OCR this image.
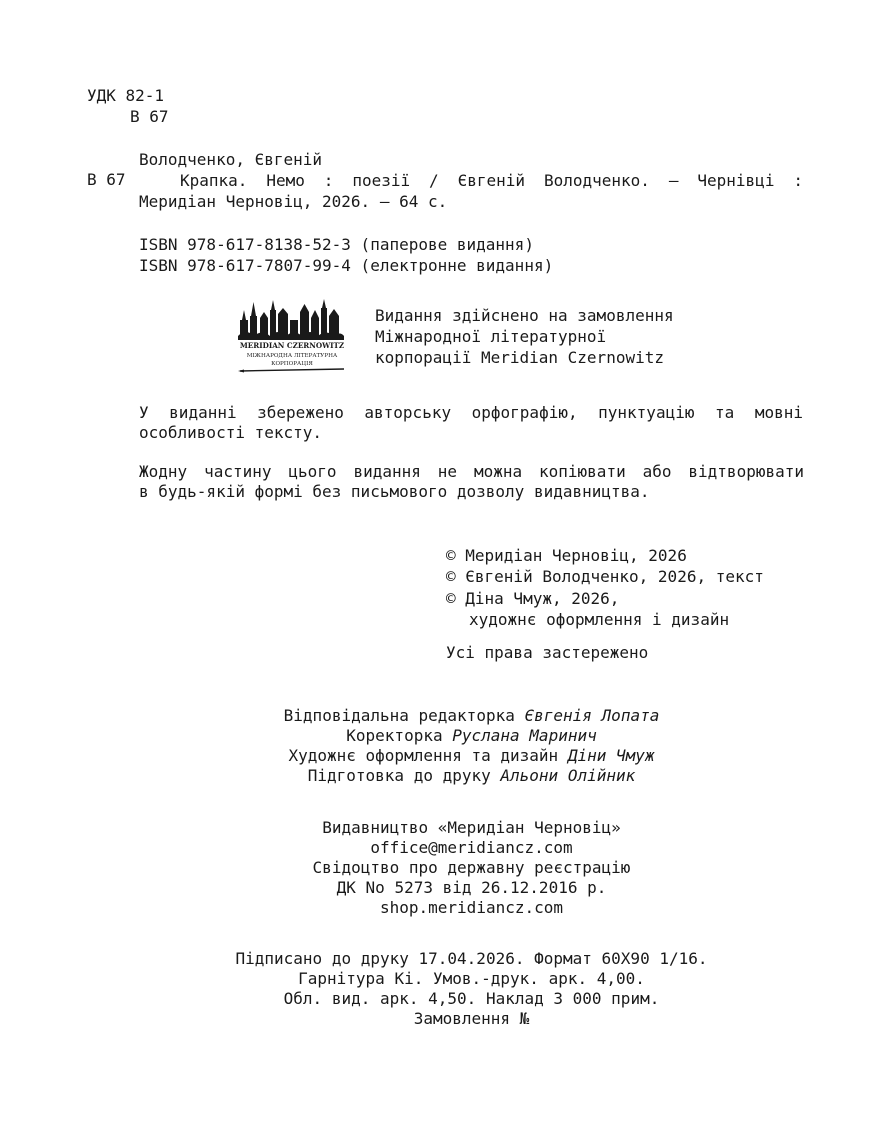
УДК 82-1
В 67
Володченко, Євгеній
В 67	Крапка. Немо : поезії / Євгеній Володченко. — Чернівці :
Меридіан Черновіц, 2026. — 64 с.
ISBN 978-617-8138-52-3 (паперове видання)
ISBN 978-617-7807-99-4 (електронне видання)
MERIDIAN CZERNOWITZ
МІЖНАРОДНА ЛІТЕРАТУРНА
КОРПОРАЦІЯ
Видання здійснено на замовлення
Міжнародної літературної
корпорації Meridian Czernowitz
У виданні збережено авторську орфографію, пунктуацію та мовні
особливості тексту.
Жодну частину цього видання не можна копіювати або відтворювати
в будь-якій формі без письмового дозволу видавництва.
© Меридіан Черновіц, 2026
© Євгеній Володченко, 2026, текст
© Діна Чмуж, 2026,
художнє оформлення і дизайн
Усі права застережено
Відповідальна редакторка Євгенія Лопата
Коректорка Руслана Маринич
Художнє оформлення та дизайн Діни Чмуж
Підготовка до друку Альони Олійник
Видавництво «Меридіан Черновіц»
office@meridiancz.com
Свідоцтво про державну реєстрацію
ДК No 5273 від 26.12.2016 р.
shop.meridiancz.com
Підписано до друку 17.04.2026. Формат 60Х90 1/16.
Гарнітура Кі. Умов.-друк. арк. 4,00.
Обл. вид. арк. 4,50. Наклад 3 000 прим.
Замовлення №
